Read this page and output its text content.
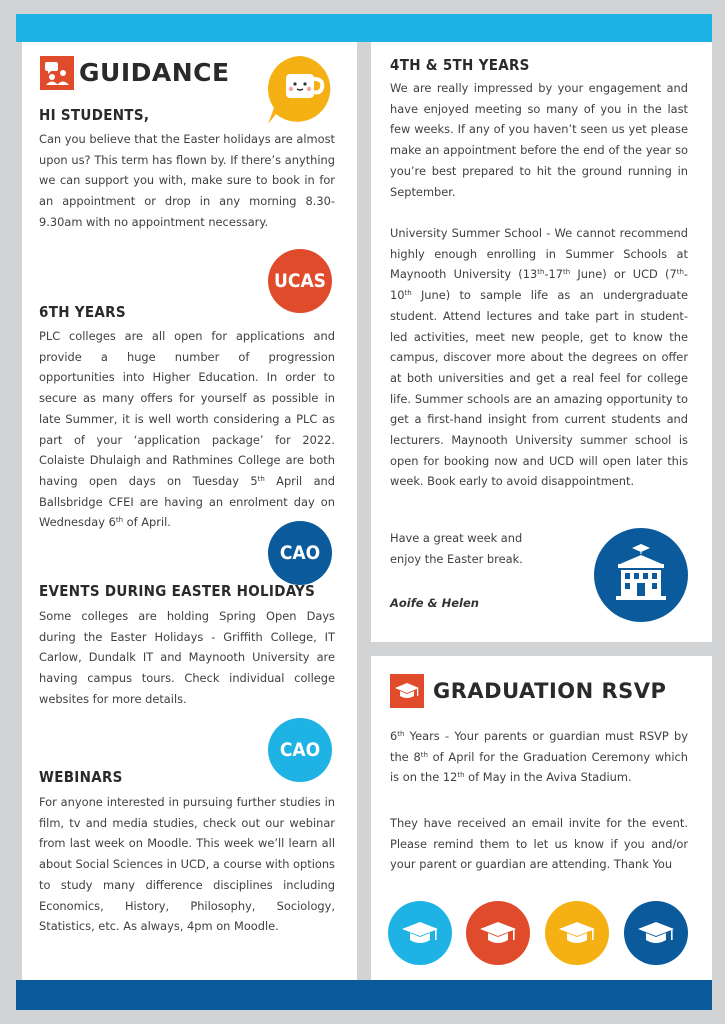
GUIDANCE
HI STUDENTS,
Can you believe that the Easter holidays are almost upon us? This term has flown by. If there’s anything we can support you with, make sure to book in for an appointment or drop in any morning 8.30-9.30am with no appointment necessary.
UCAS
6TH YEARS
PLC colleges are all open for applications and provide a huge number of progression opportunities into Higher Education. In order to secure as many offers for yourself as possible in late Summer, it is well worth considering a PLC as part of your ‘application package’ for 2022. Colaiste Dhulaigh and Rathmines College are both having open days on Tuesday 5th April and Ballsbridge CFEI are having an enrolment day on Wednesday 6th of April.
CAO
EVENTS DURING EASTER HOLIDAYS
Some colleges are holding Spring Open Days during the Easter Holidays - Griffith College, IT Carlow, Dundalk IT and Maynooth University are having campus tours. Check individual college websites for more details.
CAO
WEBINARS
For anyone interested in pursuing further studies in film, tv and media studies, check out our webinar from last week on Moodle. This week we’ll learn all about Social Sciences in UCD, a course with options to study many difference disciplines including Economics, History, Philosophy, Sociology, Statistics, etc. As always, 4pm on Moodle.
4TH & 5TH YEARS
We are really impressed by your engagement and have enjoyed meeting so many of you in the last few weeks. If any of you haven’t seen us yet please make an appointment before the end of the year so you’re best prepared to hit the ground running in September.
University Summer School - We cannot recommend highly enough enrolling in Summer Schools at Maynooth University (13th-17th June) or UCD (7th-10th June) to sample life as an undergraduate student. Attend lectures and take part in student-led activities, meet new people, get to know the campus, discover more about the degrees on offer at both universities and get a real feel for college life. Summer schools are an amazing opportunity to get a first-hand insight from current students and lecturers. Maynooth University summer school is open for booking now and UCD will open later this week. Book early to avoid disappointment.
Have a great week and enjoy the Easter break.
Aoife & Helen
GRADUATION RSVP
6th Years - Your parents or guardian must RSVP by the 8th of April for the Graduation Ceremony which is on the 12th of May in the Aviva Stadium.
They have received an email invite for the event. Please remind them to let us know if you and/or your parent or guardian are attending. Thank You
